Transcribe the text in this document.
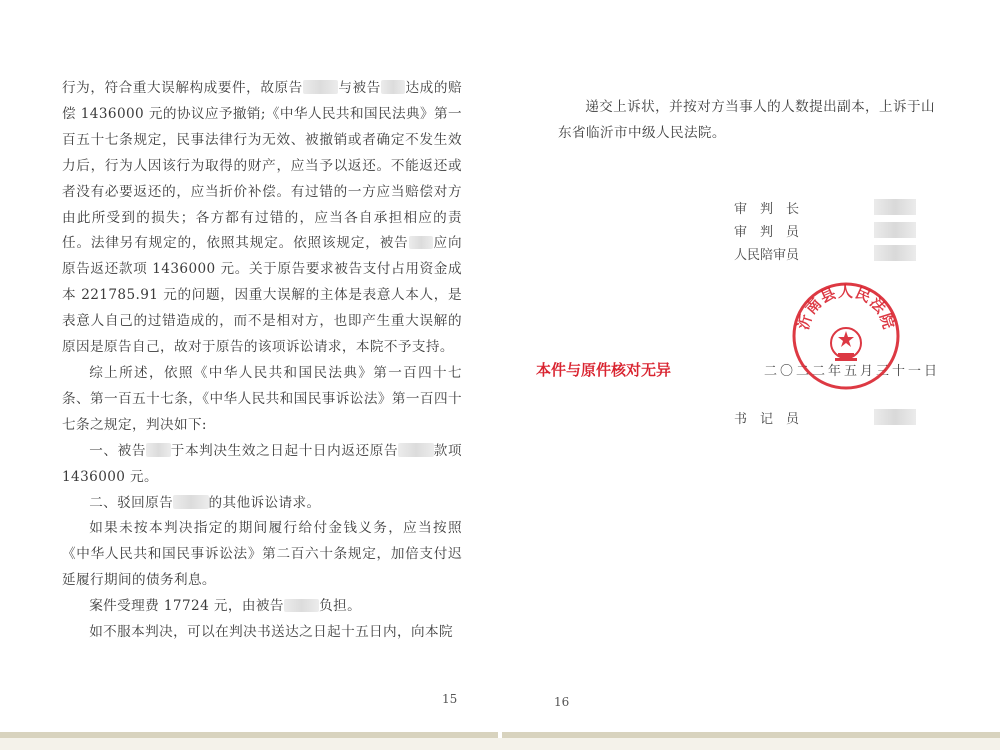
行为，符合重大误解构成要件，故原告	与被告 达成的赔偿 1436000 元的协议应予撤销;《中华人民共和国民法典》第一百五十七条规定，民事法律行为无效、被撤销或者确定不发生效力后，行为人因该行为取得的财产，应当予以返还。不能返还或者没有必要返还的，应当折价补偿。有过错的一方应当赔偿对方由此所受到的损失；各方都有过错的，应当各自承担相应的责任。法律另有规定的，依照其规定。依照该规定，被告 应向原告返还款项 1436000 元。关于原告要求被告支付占用资金成本 221785.91 元的问题，因重大误解的主体是表意人本人，是表意人自己的过错造成的，而不是相对方，也即产生重大误解的原因是原告自己，故对于原告的该项诉讼请求，本院不予支持。

综上所述，依照《中华人民共和国民法典》第一百四十七条、第一百五十七条，《中华人民共和国民事诉讼法》第一百四十七条之规定，判决如下:

一、被告 于本判决生效之日起十日内返还原告	款项 1436000 元。

二、驳回原告	的其他诉讼请求。

如果未按本判决指定的期间履行给付金钱义务，应当按照《中华人民共和国民事诉讼法》第二百六十条规定，加倍支付迟延履行期间的债务利息。

案件受理费 17724 元，由被告	负担。

如不服本判决，可以在判决书送达之日起十五日内，向本院

15

递交上诉状，并按对方当事人的人数提出副本，上诉于山东省临沂市中级人民法院。

审　判　长
审　判　员
人民陪审员
本件与原件核对无异	二〇二二年五月三十一日
沂南县人民法院
书　记　员
16
